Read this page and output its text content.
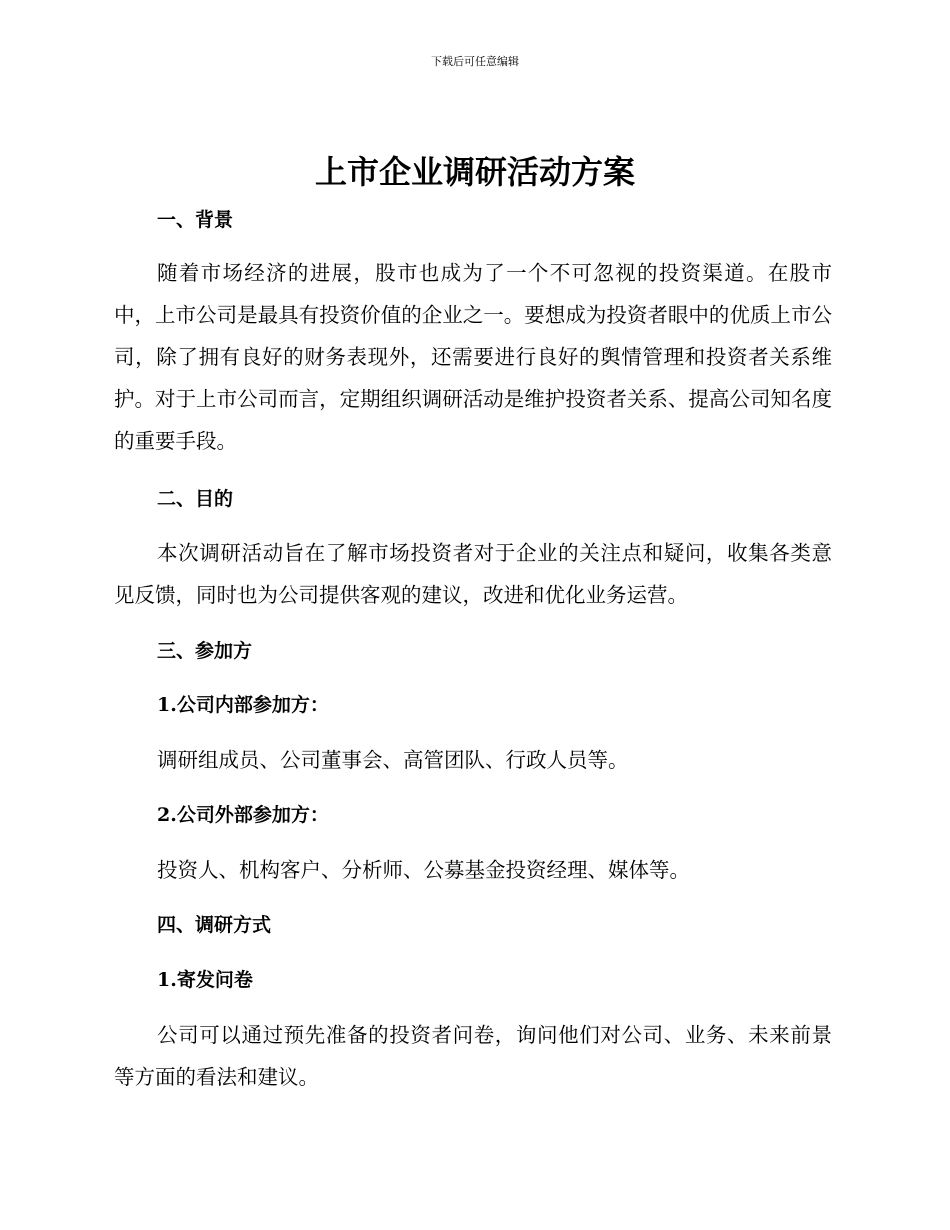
下载后可任意编辑
上市企业调研活动方案
一、背景

随着市场经济的进展，股市也成为了一个不可忽视的投资渠道。在股市中，上市公司是最具有投资价值的企业之一。要想成为投资者眼中的优质上市公司，除了拥有良好的财务表现外，还需要进行良好的舆情管理和投资者关系维护。对于上市公司而言，定期组织调研活动是维护投资者关系、提高公司知名度的重要手段。

二、目的

本次调研活动旨在了解市场投资者对于企业的关注点和疑问，收集各类意见反馈，同时也为公司提供客观的建议，改进和优化业务运营。

三、参加方
1.公司内部参加方：
调研组成员、公司董事会、高管团队、行政人员等。
2.公司外部参加方：
投资人、机构客户、分析师、公募基金投资经理、媒体等。
四、调研方式
1.寄发问卷

公司可以通过预先准备的投资者问卷，询问他们对公司、业务、未来前景等方面的看法和建议。
